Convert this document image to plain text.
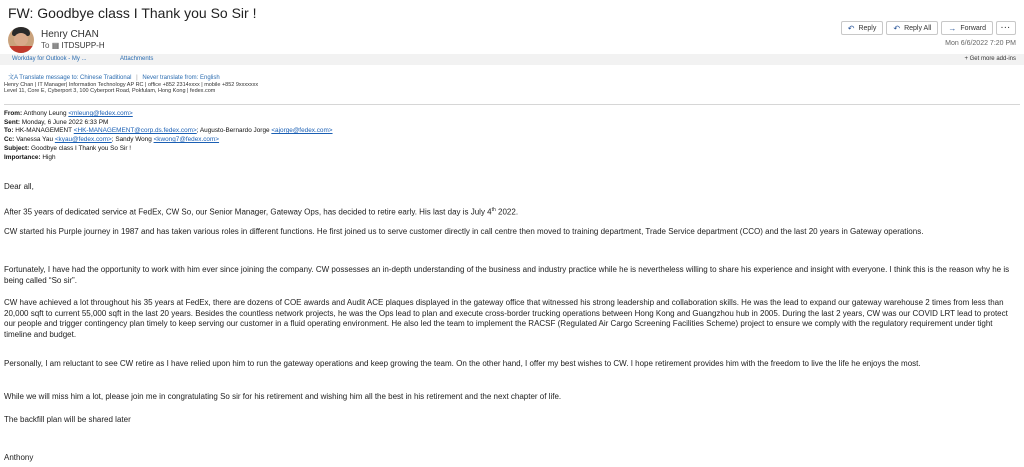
FW: Goodbye class I Thank you So Sir !
Henry CHAN
To ▦ ITDSUPP-H
↶ Reply ↶ Reply All → Forward	···
Mon 6/6/2022 7:20 PM
Workday for Outlook - My ...	Attachments	+ Get more add-ins
文A Translate message to: Chinese Traditional | Never translate from: English
Henry Chan | IT Manager| Information Technology AP RC | office +852 2314xxxx | mobile +852 9xxxxxxx
Level 11, Core E, Cyberport 3, 100 Cyberport Road, Pokfulam, Hong Kong | fedex.com
From: Anthony Leung <mleung@fedex.com>
Sent: Monday, 6 June 2022 6:33 PM
To: HK-MANAGEMENT <HK-MANAGEMENT@corp.ds.fedex.com>; Augusto-Bernardo Jorge <ajorge@fedex.com>
Cc: Vanessa Yau <kyau@fedex.com>; Sandy Wong <kwong7@fedex.com>
Subject: Goodbye class I Thank you So Sir !
Importance: High
Dear all,
After 35 years of dedicated service at FedEx, CW So, our Senior Manager, Gateway Ops, has decided to retire early. His last day is July 4th 2022.
CW started his Purple journey in 1987 and has taken various roles in different functions. He first joined us to serve customer directly in call centre then moved to training department, Trade Service department (CCO) and the last 20 years in Gateway operations.
Fortunately, I have had the opportunity to work with him ever since joining the company. CW possesses an in-depth understanding of the business and industry practice while he is nevertheless willing to share his experience and insight with everyone. I think this is the reason why he is being called “So sir”.
CW have achieved a lot throughout his 35 years at FedEx, there are dozens of COE awards and Audit ACE plaques displayed in the gateway office that witnessed his strong leadership and collaboration skills. He was the lead to expand our gateway warehouse 2 times from less than 20,000 sqft to current 55,000 sqft in the last 20 years. Besides the countless network projects, he was the Ops lead to plan and execute cross-border trucking operations between Hong Kong and Guangzhou hub in 2005. During the last 2 years, CW was our COVID LRT lead to protect our people and trigger contingency plan timely to keep serving our customer in a fluid operating environment. He also led the team to implement the RACSF (Regulated Air Cargo Screening Facilities Scheme) project to ensure we comply with the regulatory requirement under tight timeline and budget.
Personally, I am reluctant to see CW retire as I have relied upon him to run the gateway operations and keep growing the team. On the other hand, I offer my best wishes to CW. I hope retirement provides him with the freedom to live the life he enjoys the most.
While we will miss him a lot, please join me in congratulating So sir for his retirement and wishing him all the best in his retirement and the next chapter of life.
The backfill plan will be shared later
Anthony
